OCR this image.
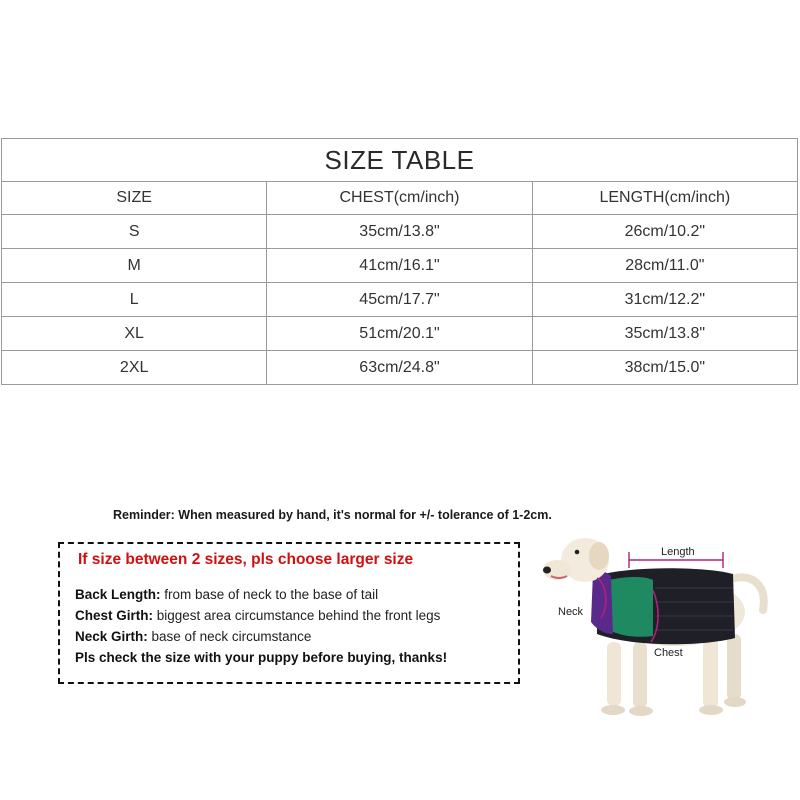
SIZE TABLE		
SIZE	CHEST(cm/inch)	LENGTH(cm/inch)
S	35cm/13.8"	26cm/10.2"
M	41cm/16.1"	28cm/11.0"
L	45cm/17.7"	31cm/12.2"
XL	51cm/20.1"	35cm/13.8"
2XL	63cm/24.8"	38cm/15.0"
Reminder: When measured by hand, it's normal for +/- tolerance of 1-2cm.
If size between 2 sizes, pls choose larger size
Back Length: from base of neck to the base of tail
Chest Girth: biggest area circumstance behind the front legs
Neck Girth: base of neck circumstance
Pls check the size with your puppy before buying, thanks!
Length
Neck
Chest
